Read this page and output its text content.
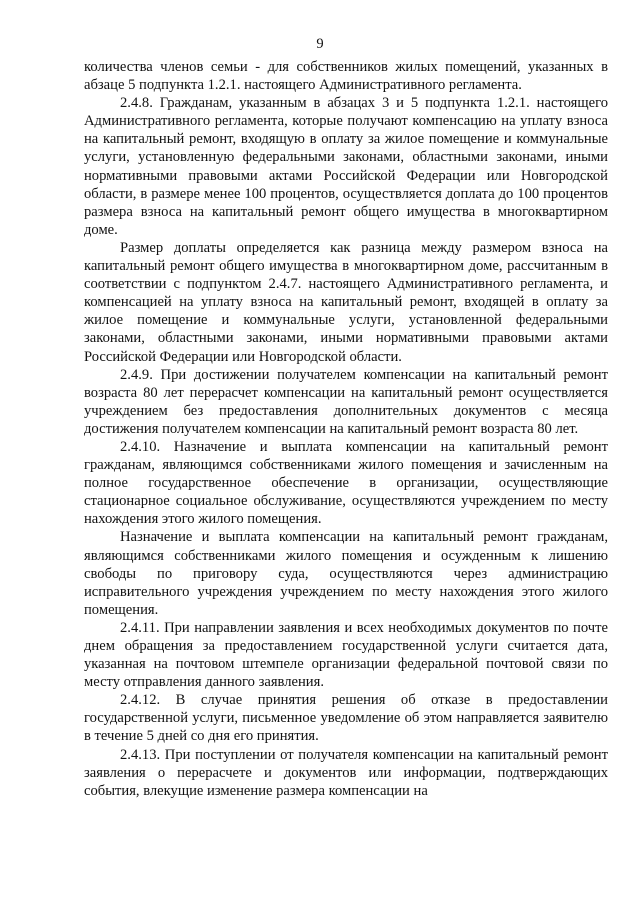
9

количества членов семьи - для собственников жилых помещений, указанных в абзаце 5 подпункта 1.2.1. настоящего Административного регламента.

2.4.8. Гражданам, указанным в абзацах 3 и 5 подпункта 1.2.1. настоящего Административного регламента, которые получают компенсацию на уплату взноса на капитальный ремонт, входящую в оплату за жилое помещение и коммунальные услуги, установленную федеральными законами, областными законами, иными нормативными правовыми актами Российской Федерации или Новгородской области, в размере менее 100 процентов, осуществляется доплата до 100 процентов размера взноса на капитальный ремонт общего имущества в многоквартирном доме.

Размер доплаты определяется как разница между размером взноса на капитальный ремонт общего имущества в многоквартирном доме, рассчитанным в соответствии с подпунктом 2.4.7. настоящего Административного регламента, и компенсацией на уплату взноса на капитальный ремонт, входящей в оплату за жилое помещение и коммунальные услуги, установленной федеральными законами, областными законами, иными нормативными правовыми актами Российской Федерации или Новгородской области.

2.4.9. При достижении получателем компенсации на капитальный ремонт возраста 80 лет перерасчет компенсации на капитальный ремонт осуществляется учреждением без предоставления дополнительных документов с месяца достижения получателем компенсации на капитальный ремонт возраста 80 лет.

2.4.10. Назначение и выплата компенсации на капитальный ремонт гражданам, являющимся собственниками жилого помещения и зачисленным на полное государственное обеспечение в организации, осуществляющие стационарное социальное обслуживание, осуществляются учреждением по месту нахождения этого жилого помещения.

Назначение и выплата компенсации на капитальный ремонт гражданам, являющимся собственниками жилого помещения и осужденным к лишению свободы по приговору суда, осуществляются через администрацию исправительного учреждения учреждением по месту нахождения этого жилого помещения.

2.4.11. При направлении заявления и всех необходимых документов по почте днем обращения за предоставлением государственной услуги считается дата, указанная на почтовом штемпеле организации федеральной почтовой связи по месту отправления данного заявления.

2.4.12. В случае принятия решения об отказе в предоставлении государственной услуги, письменное уведомление об этом направляется заявителю в течение 5 дней со дня его принятия.

2.4.13. При поступлении от получателя компенсации на капитальный ремонт заявления о перерасчете и документов или информации, подтверждающих события, влекущие изменение размера компенсации на
